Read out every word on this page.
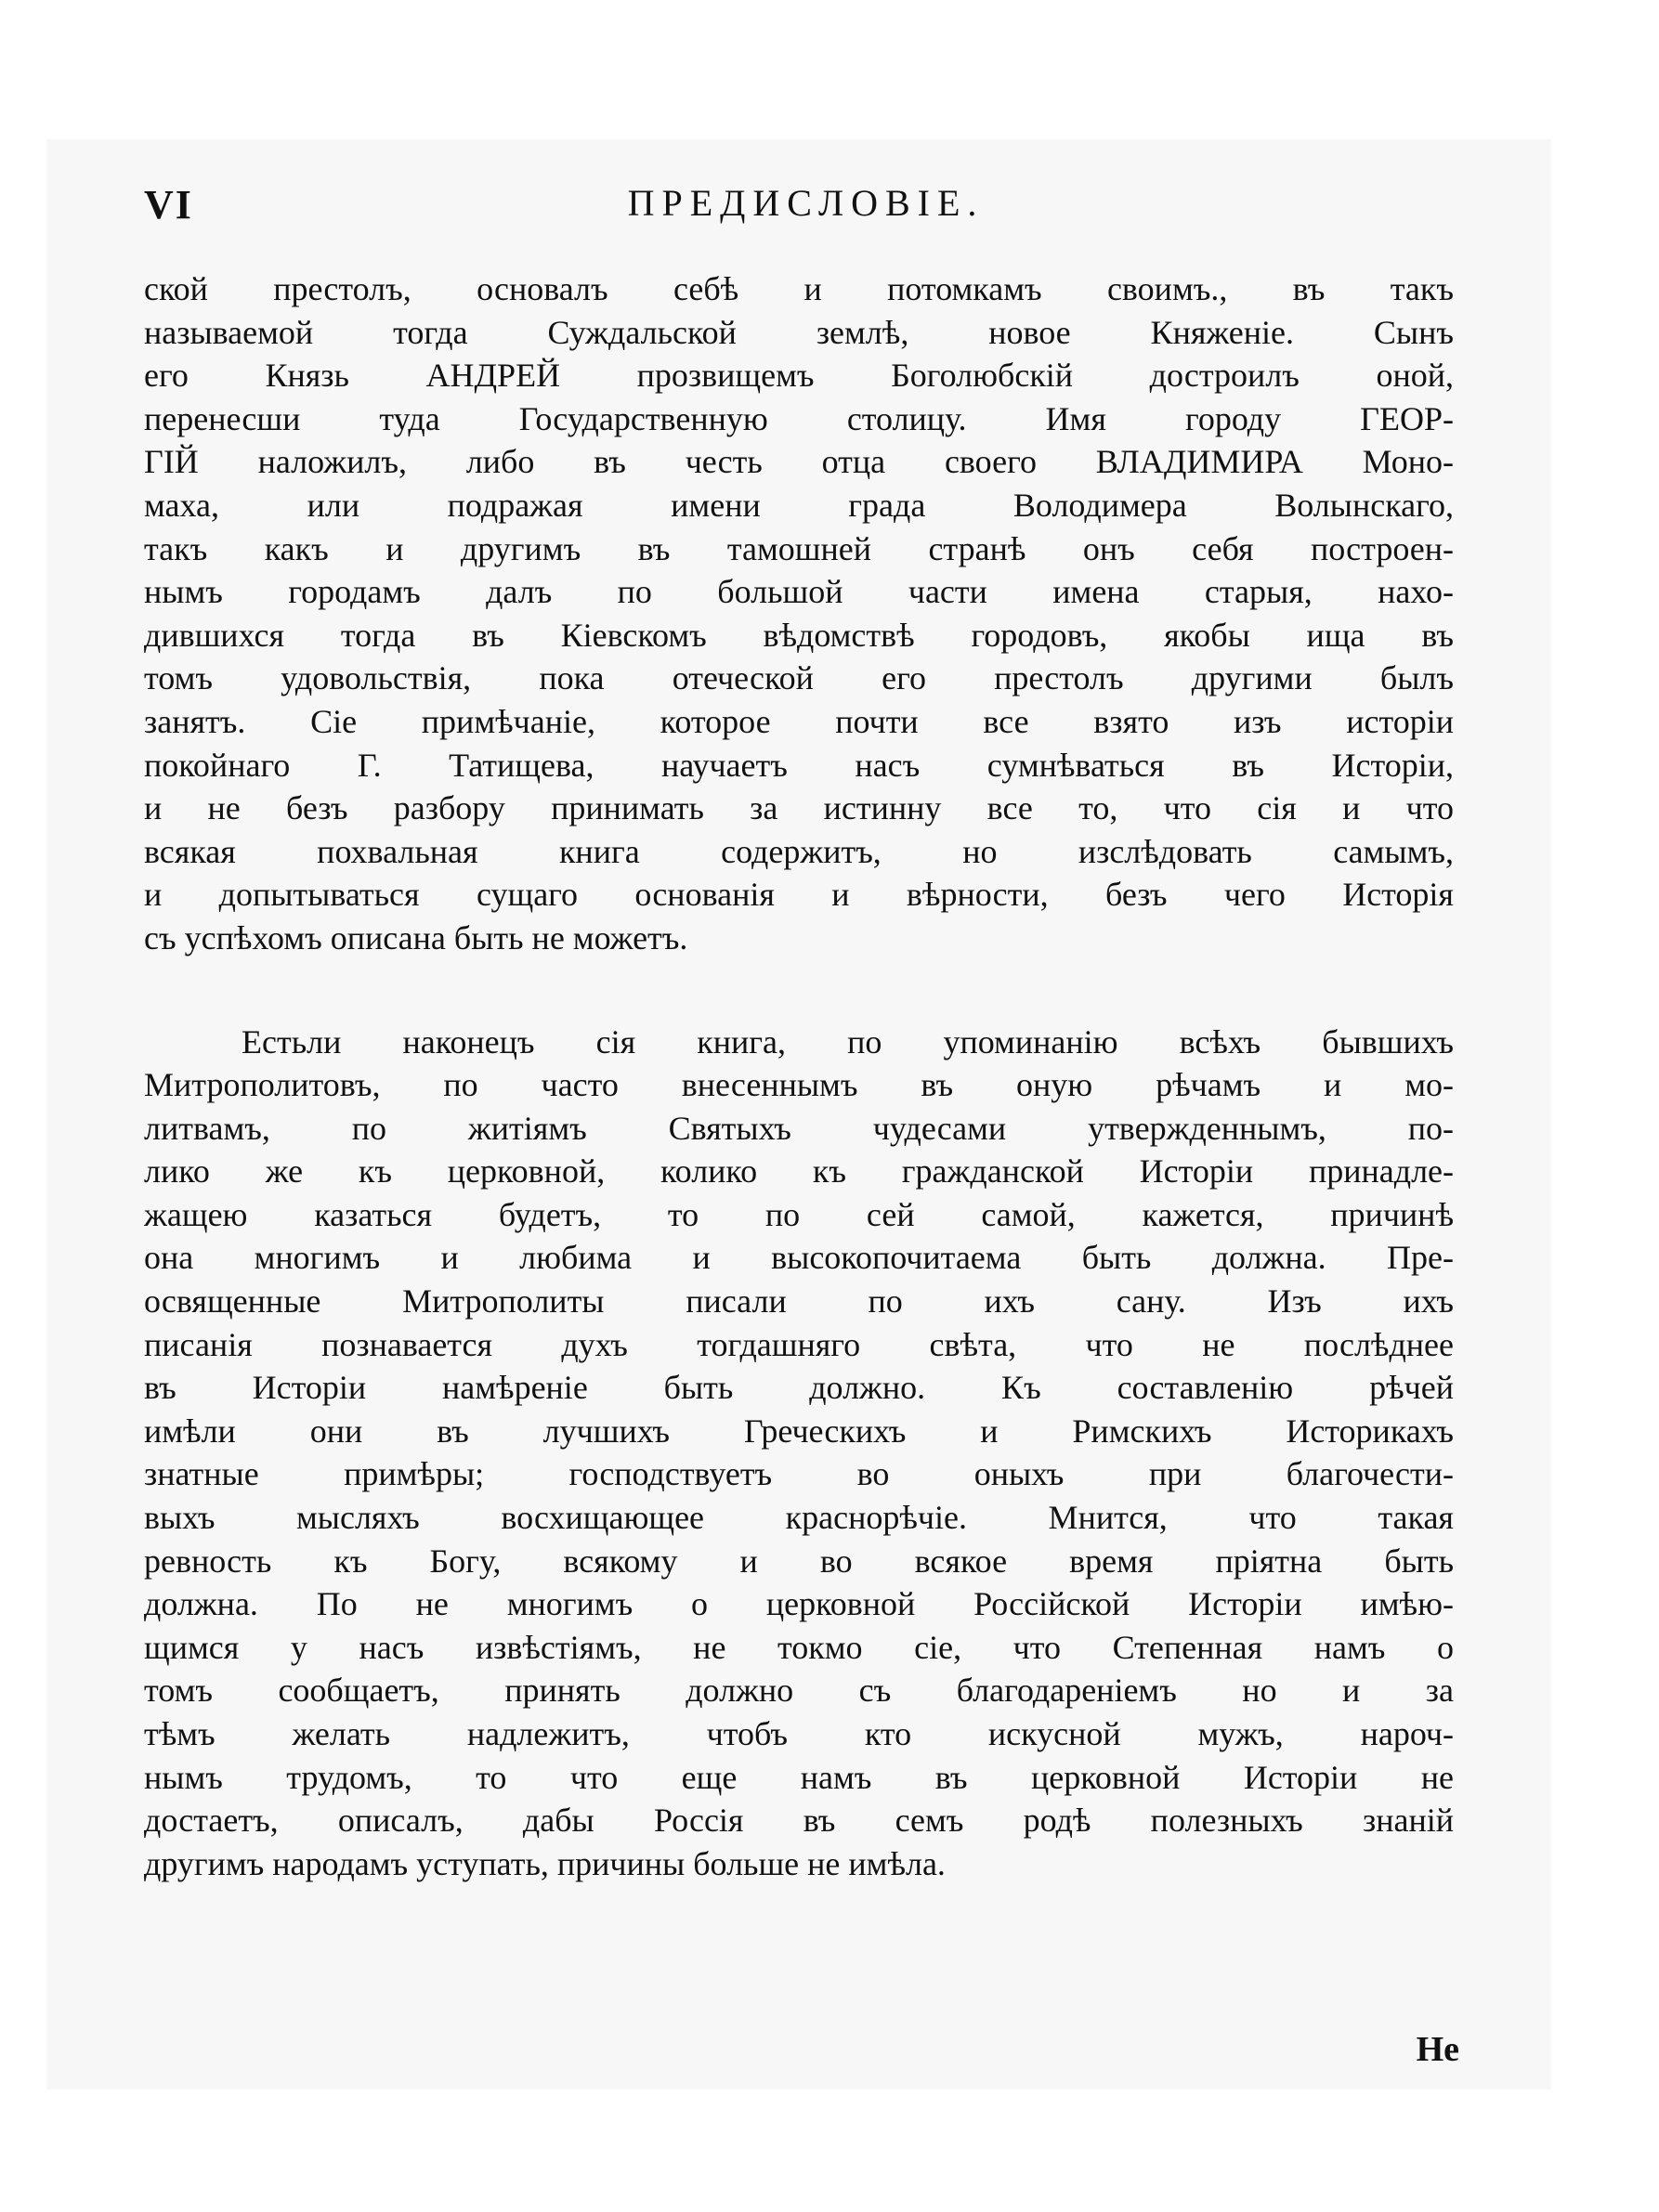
VI	ПРЕДИСЛОВІЕ.
ской престолъ, основалъ себѣ и потомкамъ своимъ., въ такъ
называемой тогда Суждальской землѣ, новое Княженіе. Сынъ
его Князь АНДРЕЙ прозвищемъ Боголюбскій достроилъ оной,
перенесши туда Государственную столицу. Имя городу ГЕОР-
ГІЙ наложилъ, либо въ честь отца своего ВЛАДИМИРА Моно-
маха, или подражая имени града Володимера Волынскаго,
такъ какъ и другимъ въ тамошней странѣ онъ себя построен-
нымъ городамъ далъ по большой части имена старыя, нахо-
дившихся тогда въ Кіевскомъ вѣдомствѣ городовъ, якобы ища въ
томъ удовольствія, пока отеческой его престолъ другими былъ
занятъ. Сіе примѣчаніе, которое почти все взято изъ исторіи
покойнаго Г. Татищева, научаетъ насъ сумнѣваться въ Исторіи,
и не безъ разбору принимать за истинну все то, что сія и что
всякая похвальная книга содержитъ, но изслѣдовать самымъ,
и допытываться сущаго основанія и вѣрности, безъ чего Исторія
съ успѣхомъ описана быть не можетъ.
Естьли наконецъ сія книга, по упоминанію всѣхъ бывшихъ
Митрополитовъ, по часто внесеннымъ въ оную рѣчамъ и мо-
литвамъ, по житіямъ Святыхъ чудесами утвержденнымъ, по-
лико же къ церковной, колико къ гражданской Исторіи принадле-
жащею казаться будетъ, то по сей самой, кажется, причинѣ
она многимъ и любима и высокопочитаема быть должна. Пре-
освященные Митрополиты писали по ихъ сану. Изъ ихъ
писанія познавается духъ тогдашняго свѣта, что не послѣднее
въ Исторіи намѣреніе быть должно. Къ составленію рѣчей
имѣли они въ лучшихъ Греческихъ и Римскихъ Историкахъ
знатные примѣры; господствуетъ во оныхъ при благочести-
выхъ мысляхъ восхищающее краснорѣчіе. Мнится, что такая
ревность къ Богу, всякому и во всякое время пріятна быть
должна. По не многимъ о церковной Россійской Исторіи имѣю-
щимся у насъ извѣстіямъ, не токмо сіе, что Степенная намъ о
томъ сообщаетъ, принять должно съ благодареніемъ но и за
тѣмъ желать надлежитъ, чтобъ кто искусной мужъ, нароч-
нымъ трудомъ, то что еще намъ въ церковной Исторіи не
достаетъ, описалъ, дабы Россія въ семъ родѣ полезныхъ знаній
другимъ народамъ уступать, причины больше не имѣла.
Не
